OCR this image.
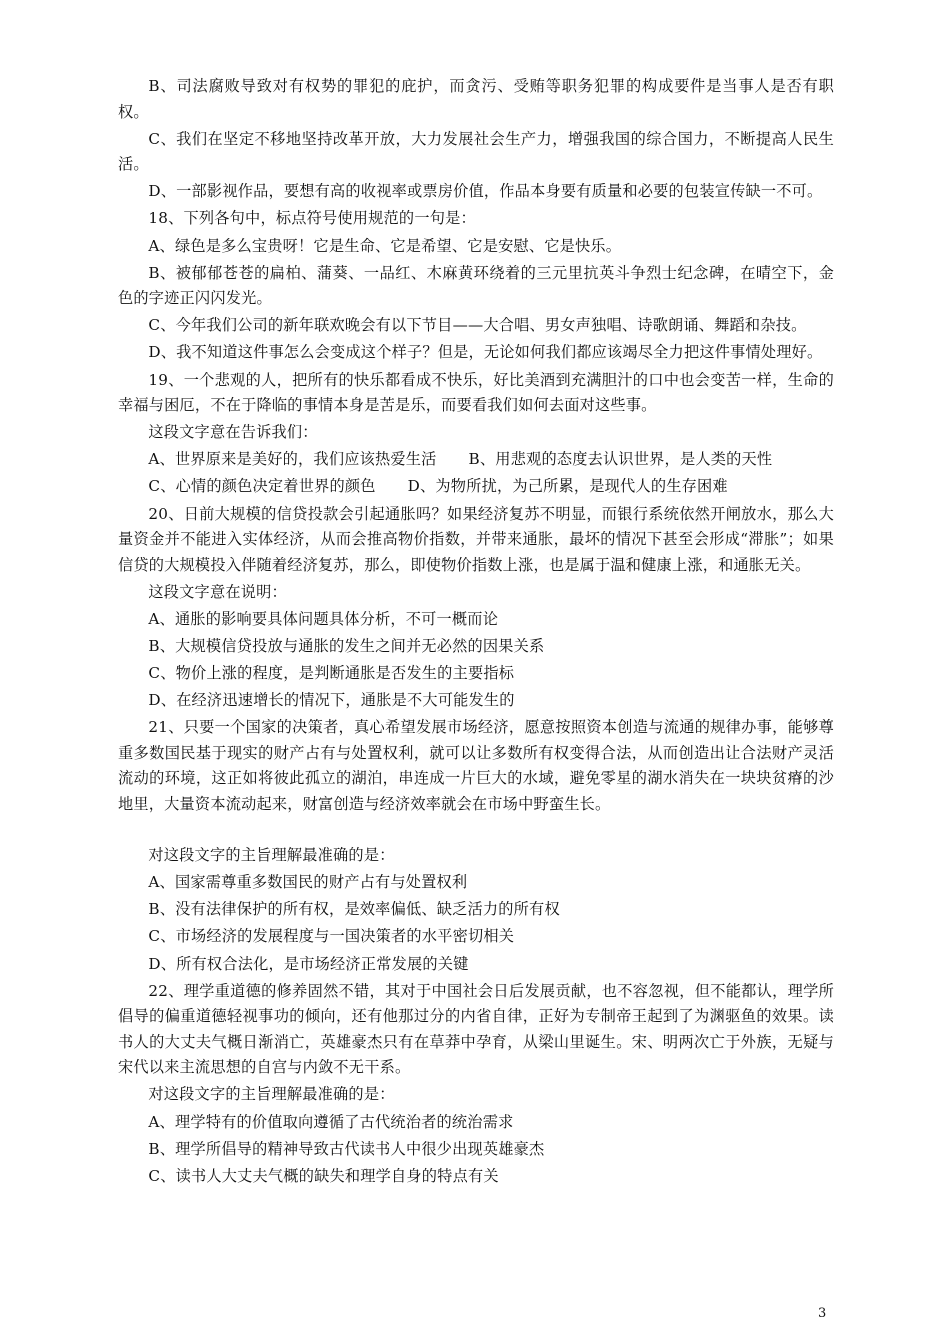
B、司法腐败导致对有权势的罪犯的庇护，而贪污、受贿等职务犯罪的构成要件是当事人是否有职权。

C、我们在坚定不移地坚持改革开放，大力发展社会生产力，增强我国的综合国力，不断提高人民生活。

D、一部影视作品，要想有高的收视率或票房价值，作品本身要有质量和必要的包装宣传缺一不可。

18、下列各句中，标点符号使用规范的一句是：

A、绿色是多么宝贵呀！它是生命、它是希望、它是安慰、它是快乐。

B、被郁郁苍苍的扁柏、蒲葵、一品红、木麻黄环绕着的三元里抗英斗争烈士纪念碑，在晴空下，金色的字迹正闪闪发光。

C、今年我们公司的新年联欢晚会有以下节目——大合唱、男女声独唱、诗歌朗诵、舞蹈和杂技。

D、我不知道这件事怎么会变成这个样子？但是，无论如何我们都应该竭尽全力把这件事情处理好。

19、一个悲观的人，把所有的快乐都看成不快乐，好比美酒到充满胆汁的口中也会变苦一样，生命的幸福与困厄，不在于降临的事情本身是苦是乐，而要看我们如何去面对这些事。

这段文字意在告诉我们：

A、世界原来是美好的，我们应该热爱生活 B、用悲观的态度去认识世界，是人类的天性

C、心情的颜色决定着世界的颜色 D、为物所扰，为己所累，是现代人的生存困难

20、日前大规模的信贷投款会引起通胀吗？如果经济复苏不明显，而银行系统依然开闸放水，那么大量资金并不能进入实体经济，从而会推高物价指数，并带来通胀，最坏的情况下甚至会形成“滞胀”；如果信贷的大规模投入伴随着经济复苏，那么，即使物价指数上涨，也是属于温和健康上涨，和通胀无关。

这段文字意在说明：

A、通胀的影响要具体问题具体分析，不可一概而论

B、大规模信贷投放与通胀的发生之间并无必然的因果关系

C、物价上涨的程度，是判断通胀是否发生的主要指标

D、在经济迅速增长的情况下，通胀是不大可能发生的

21、只要一个国家的决策者，真心希望发展市场经济，愿意按照资本创造与流通的规律办事，能够尊重多数国民基于现实的财产占有与处置权利，就可以让多数所有权变得合法，从而创造出让合法财产灵活流动的环境，这正如将彼此孤立的湖泊，串连成一片巨大的水域，避免零星的湖水消失在一块块贫瘠的沙地里，大量资本流动起来，财富创造与经济效率就会在市场中野蛮生长。

对这段文字的主旨理解最准确的是：

A、国家需尊重多数国民的财产占有与处置权利

B、没有法律保护的所有权，是效率偏低、缺乏活力的所有权

C、市场经济的发展程度与一国决策者的水平密切相关

D、所有权合法化，是市场经济正常发展的关键

22、理学重道德的修养固然不错，其对于中国社会日后发展贡献，也不容忽视，但不能都认，理学所倡导的偏重道德轻视事功的倾向，还有他那过分的内省自律，正好为专制帝王起到了为渊驱鱼的效果。读书人的大丈夫气概日渐消亡，英雄豪杰只有在草莽中孕育，从梁山里诞生。宋、明两次亡于外族，无疑与宋代以来主流思想的自宫与内敛不无干系。

对这段文字的主旨理解最准确的是：

A、理学特有的价值取向遵循了古代统治者的统治需求

B、理学所倡导的精神导致古代读书人中很少出现英雄豪杰

C、读书人大丈夫气概的缺失和理学自身的特点有关

3
